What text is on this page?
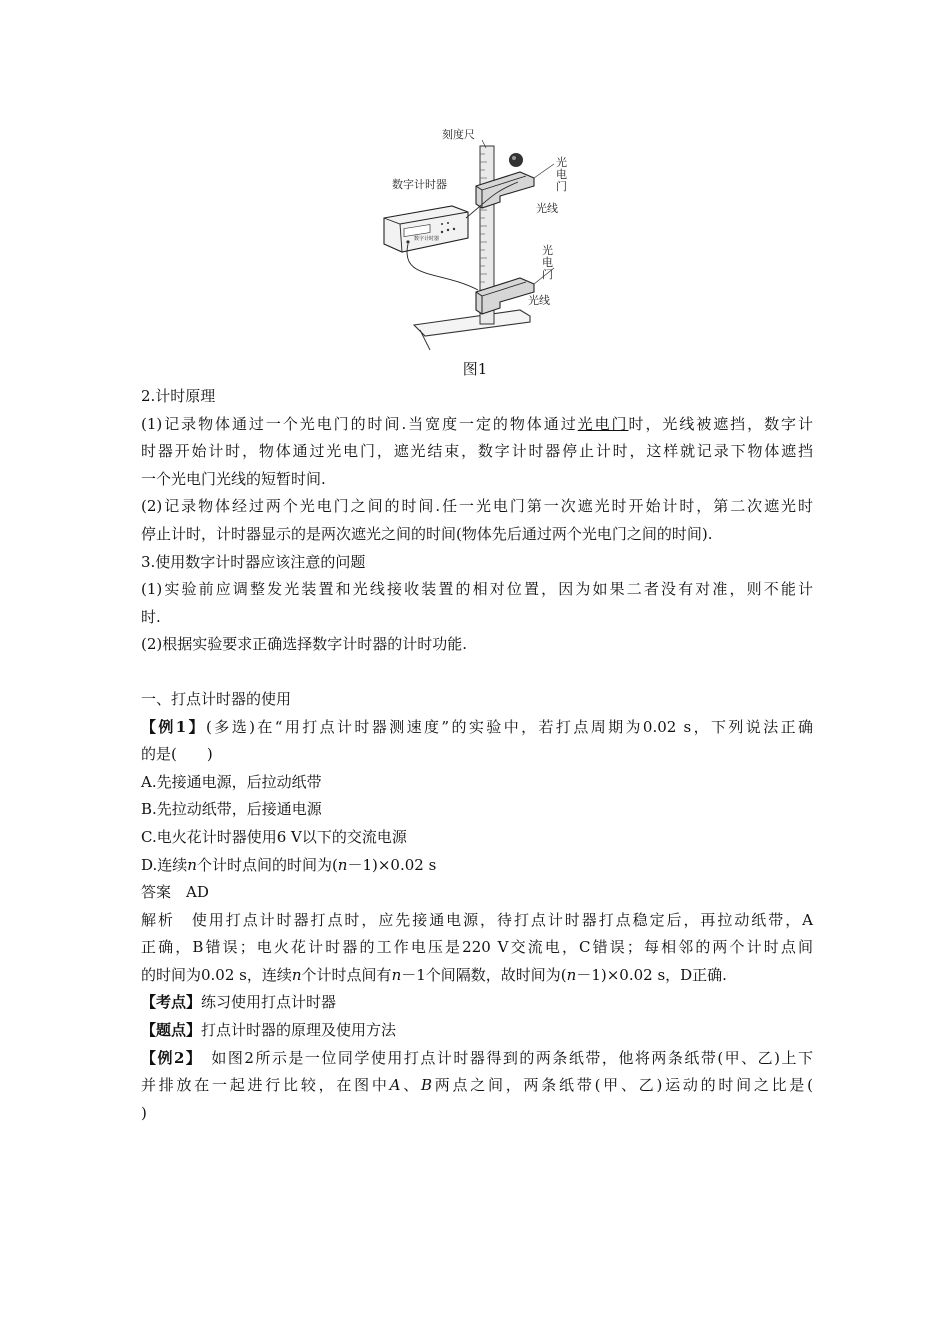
刻度尺
数字计时器
数字计时器
光
电
门
光线
光
电
门
光线
图1
2.计时原理
(1)记录物体通过一个光电门的时间.当宽度一定的物体通过光电门时，光线被遮挡，数字计
时器开始计时，物体通过光电门，遮光结束，数字计时器停止计时，这样就记录下物体遮挡
一个光电门光线的短暂时间.
(2)记录物体经过两个光电门之间的时间.任一光电门第一次遮光时开始计时，第二次遮光时
停止计时，计时器显示的是两次遮光之间的时间(物体先后通过两个光电门之间的时间).
3.使用数字计时器应该注意的问题
(1)实验前应调整发光装置和光线接收装置的相对位置，因为如果二者没有对准，则不能计
时.
(2)根据实验要求正确选择数字计时器的计时功能.
一、打点计时器的使用
【例1】(多选)在“用打点计时器测速度”的实验中，若打点周期为0.02 s，下列说法正确
的是(　　)
A.先接通电源，后拉动纸带
B.先拉动纸带，后接通电源
C.电火花计时器使用6 V以下的交流电源
D.连续n个计时点间的时间为(n－1)×0.02 s
答案  AD
解析  使用打点计时器打点时，应先接通电源，待打点计时器打点稳定后，再拉动纸带，A
正确，B错误；电火花计时器的工作电压是220 V交流电，C错误；每相邻的两个计时点间
的时间为0.02 s，连续n个计时点间有n－1个间隔数，故时间为(n－1)×0.02 s，D正确.
【考点】练习使用打点计时器
【题点】打点计时器的原理及使用方法
【例2】  如图2所示是一位同学使用打点计时器得到的两条纸带，他将两条纸带(甲、乙)上下
并排放在一起进行比较，在图中A、B两点之间，两条纸带(甲、乙)运动的时间之比是(
)
